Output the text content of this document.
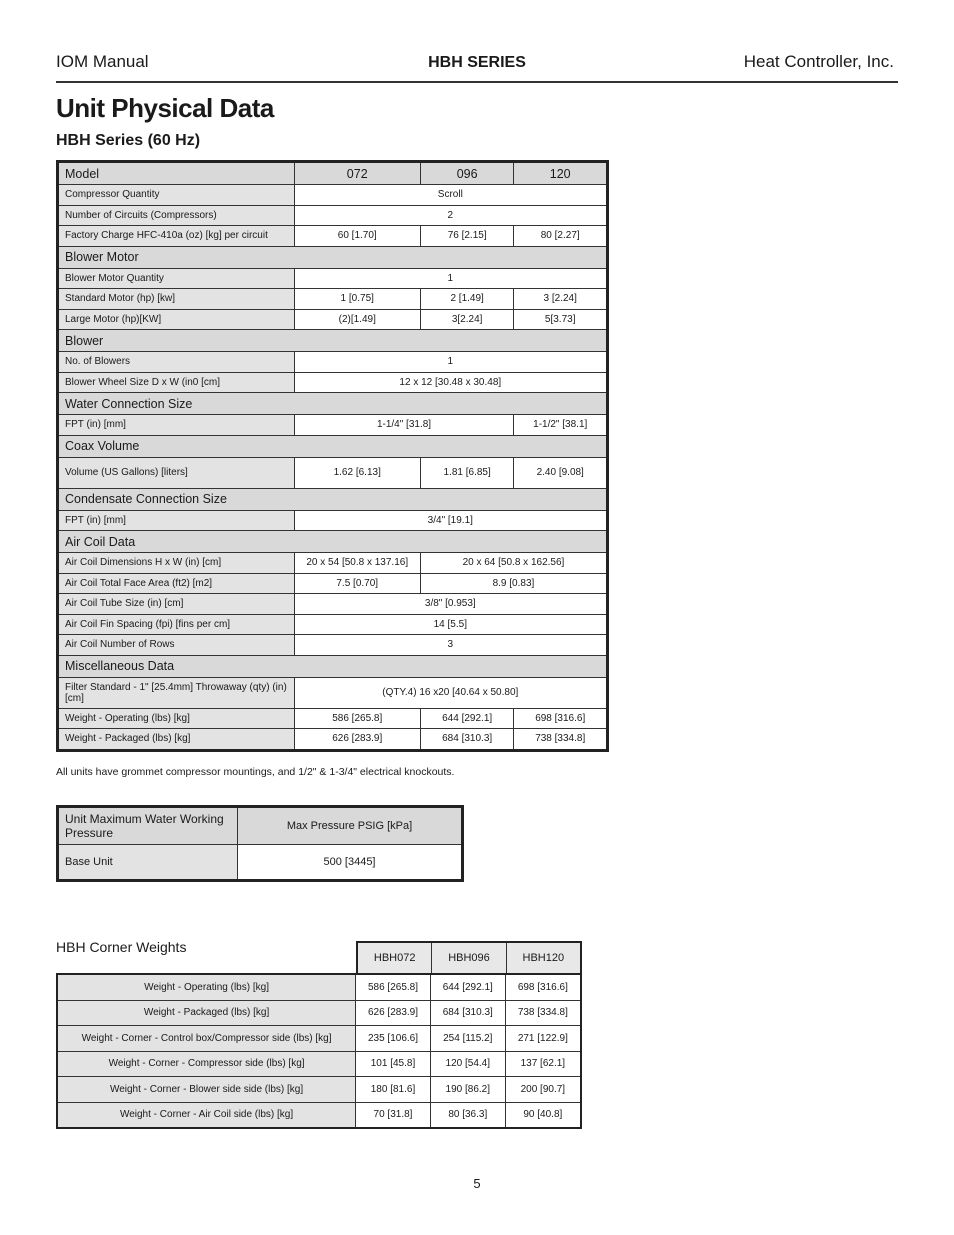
IOM Manual	HBH SERIES	Heat Controller, Inc.
Unit Physical Data
HBH Series (60 Hz)
Model	072	096	120
Compressor Quantity	Scroll		
Number of Circuits (Compressors)	2		
Factory Charge HFC-410a (oz) [kg] per circuit	60 [1.70]	76 [2.15]	80 [2.27]
Blower Motor			
Blower Motor Quantity	1		
Standard Motor (hp) [kw]	1 [0.75]	2 [1.49]	3 [2.24]
Large Motor (hp)[KW]	(2)[1.49]	3[2.24]	5[3.73]
Blower			
No. of Blowers	1		
Blower Wheel Size D x W (in0 [cm]	12 x 12 [30.48 x 30.48]		
Water Connection Size			
FPT (in) [mm]	1-1/4" [31.8]		1-1/2" [38.1]
Coax Volume			
Volume (US Gallons) [liters]	1.62 [6.13]	1.81 [6.85]	2.40 [9.08]
Condensate Connection Size			
FPT (in) [mm]	3/4" [19.1]		
Air Coil Data			
Air Coil Dimensions H x W (in) [cm]	20 x 54 [50.8 x 137.16]	20 x 64 [50.8 x 162.56]	
Air Coil Total Face Area (ft2) [m2]	7.5 [0.70]	8.9 [0.83]	
Air Coil Tube Size (in) [cm]	3/8" [0.953]		
Air Coil Fin Spacing (fpi) [fins per cm]	14 [5.5]		
Air Coil Number of Rows	3		
Miscellaneous Data			
Filter Standard - 1" [25.4mm] Throwaway (qty) (in) [cm]	(QTY.4) 16 x20 [40.64 x 50.80]		
Weight - Operating (lbs) [kg]	586 [265.8]	644 [292.1]	698 [316.6]
Weight - Packaged (lbs) [kg]	626 [283.9]	684 [310.3]	738 [334.8]
All units have grommet compressor mountings, and 1/2" & 1-3/4" electrical knockouts.
Unit Maximum Water Working Pressure	Max Pressure PSIG [kPa]
Base Unit	500 [3445]
HBH Corner Weights
HBH072	HBH096	HBH120
Weight - Operating (lbs) [kg]	586 [265.8]	644 [292.1]	698 [316.6]
Weight - Packaged (lbs) [kg]	626 [283.9]	684 [310.3]	738 [334.8]
Weight - Corner - Control box/Compressor side (lbs) [kg]	235 [106.6]	254 [115.2]	271 [122.9]
Weight - Corner - Compressor side (lbs) [kg]	101 [45.8]	120 [54.4]	137 [62.1]
Weight - Corner - Blower side side (lbs) [kg]	180 [81.6]	190 [86.2]	200 [90.7]
Weight - Corner - Air Coil side (lbs) [kg]	70 [31.8]	80 [36.3]	90 [40.8]
5
